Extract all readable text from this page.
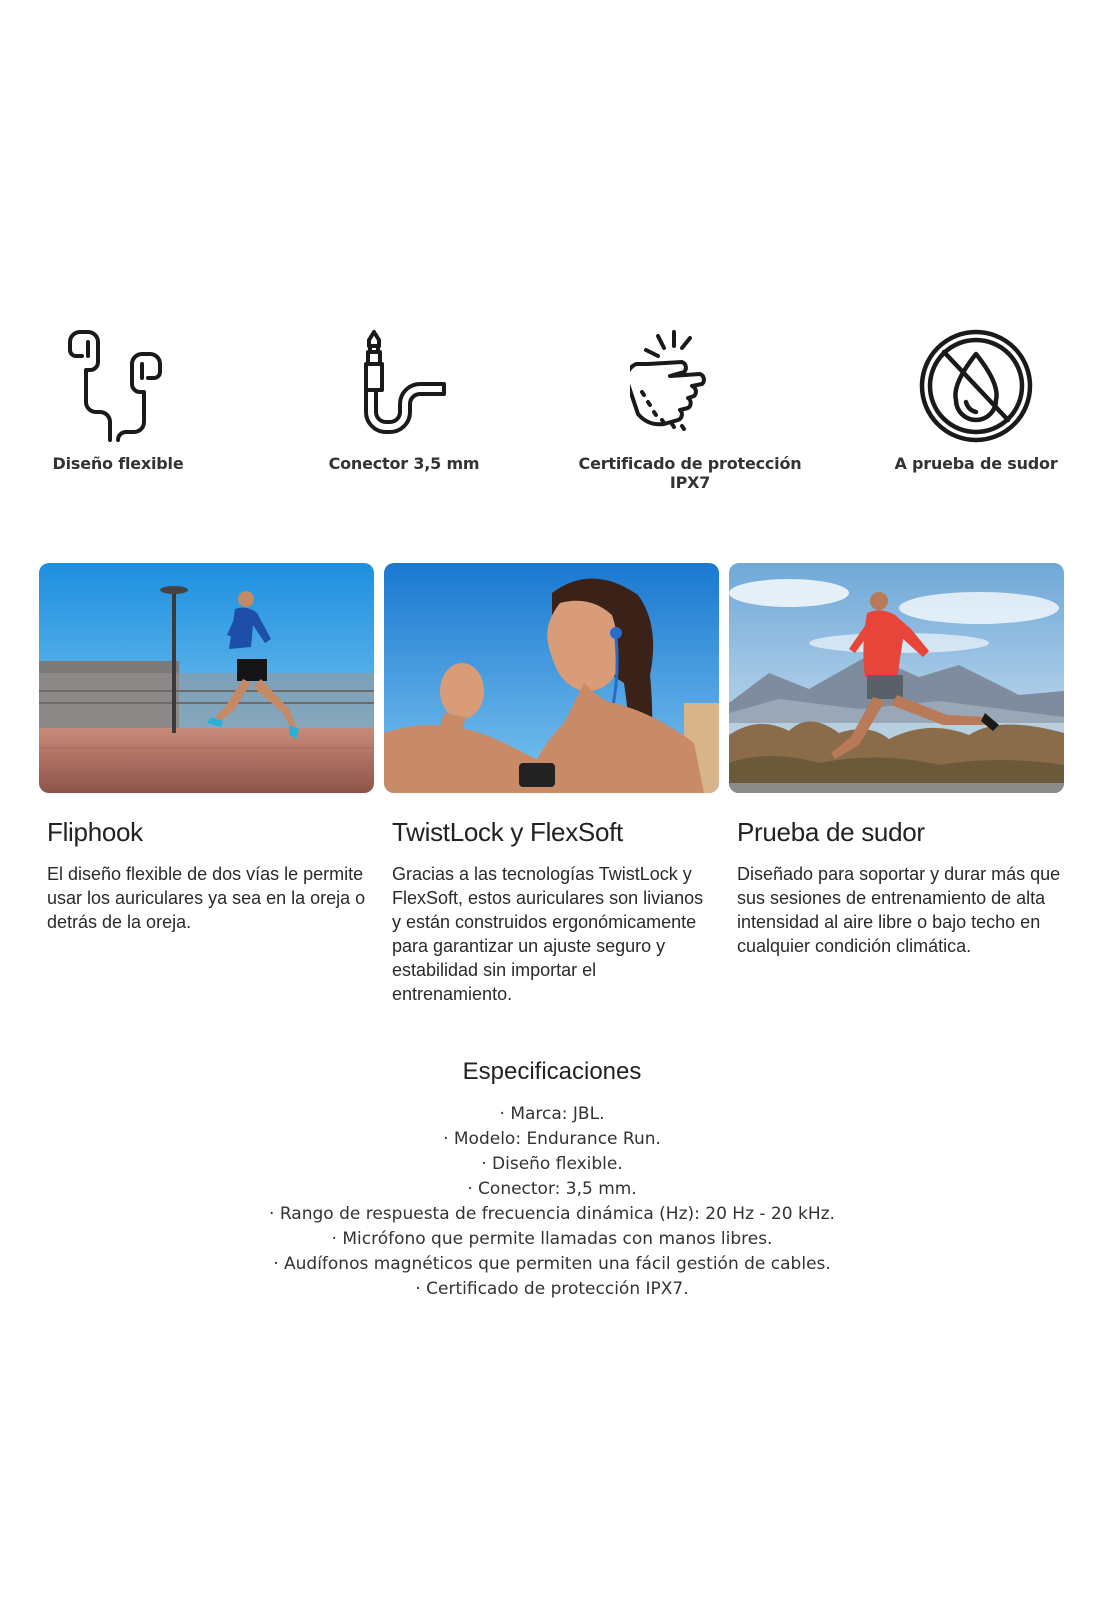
Diseño flexible	Conector 3,5 mm	Certificado de protección IPX7
A prueba de sudor
Fliphook
El diseño flexible de dos vías le permite usar los auriculares ya sea en la oreja o detrás de la oreja.
TwistLock y FlexSoft
Gracias a las tecnologías TwistLock y FlexSoft, estos auriculares son livianos y están construidos ergonómicamente para garantizar un ajuste seguro y estabilidad sin importar el entrenamiento.
Prueba de sudor
Diseñado para soportar y durar más que sus sesiones de entrenamiento de alta intensidad al aire libre o bajo techo en cualquier condición climática.
Especificaciones
· Marca: JBL.
· Modelo: Endurance Run.
· Diseño flexible.
· Conector: 3,5 mm.
· Rango de respuesta de frecuencia dinámica (Hz): 20 Hz - 20 kHz.
· Micrófono que permite llamadas con manos libres.
· Audífonos magnéticos que permiten una fácil gestión de cables.
· Certificado de protección IPX7.
